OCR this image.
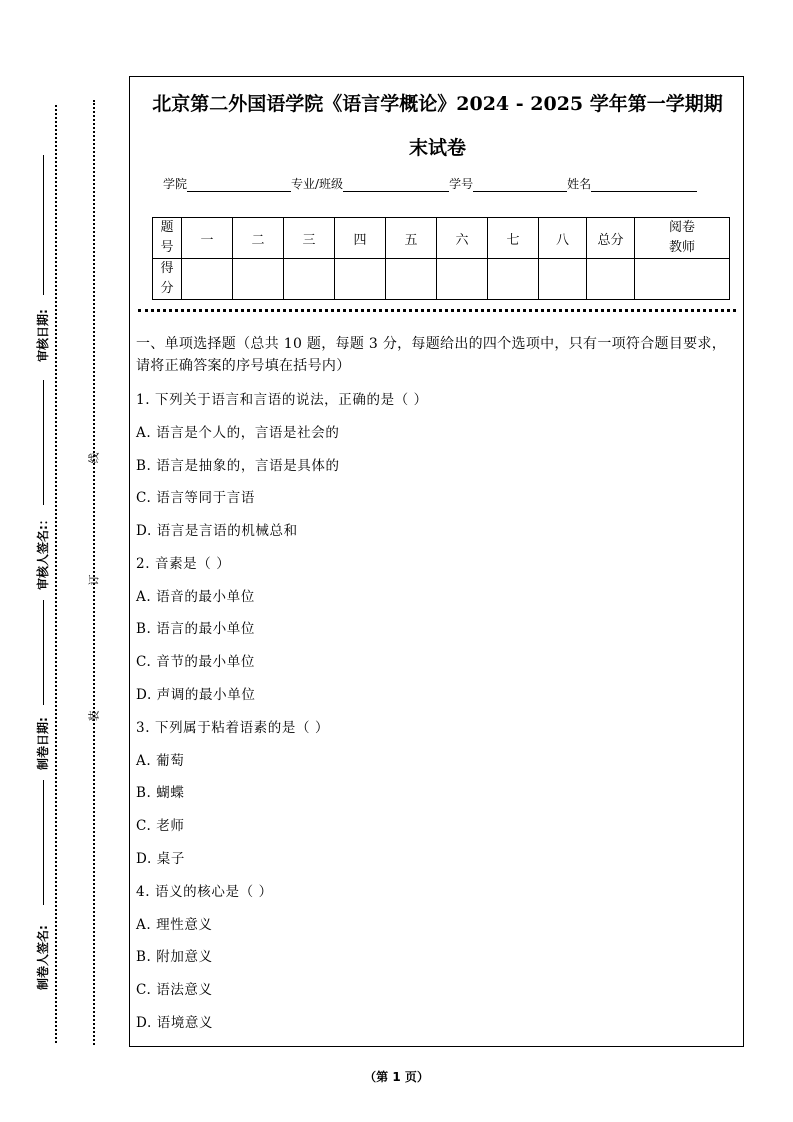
审核日期:
审核人签名:：
制卷日期:
制卷人签名:
线
订
装
北京第二外国语学院《语言学概论》2024 - 2025 学年第一学期期
末试卷
学院	专业/班级	学号	姓名
题
号	一	二	三	四	五	六	七	八	总分	阅卷
教师

得
分										

一、单项选择题（总共 10 题，每题 3 分，每题给出的四个选项中，只有一项符合题目要求，请将正确答案的序号填在括号内）
1. 下列关于语言和言语的说法，正确的是（ ）
A. 语言是个人的，言语是社会的
B. 语言是抽象的，言语是具体的
C. 语言等同于言语
D. 语言是言语的机械总和
2. 音素是（ ）
A. 语音的最小单位
B. 语言的最小单位
C. 音节的最小单位
D. 声调的最小单位
3. 下列属于粘着语素的是（ ）
A. 葡萄
B. 蝴蝶
C. 老师
D. 桌子
4. 语义的核心是（ ）
A. 理性意义
B. 附加意义
C. 语法意义
D. 语境意义
（第 1 页）
